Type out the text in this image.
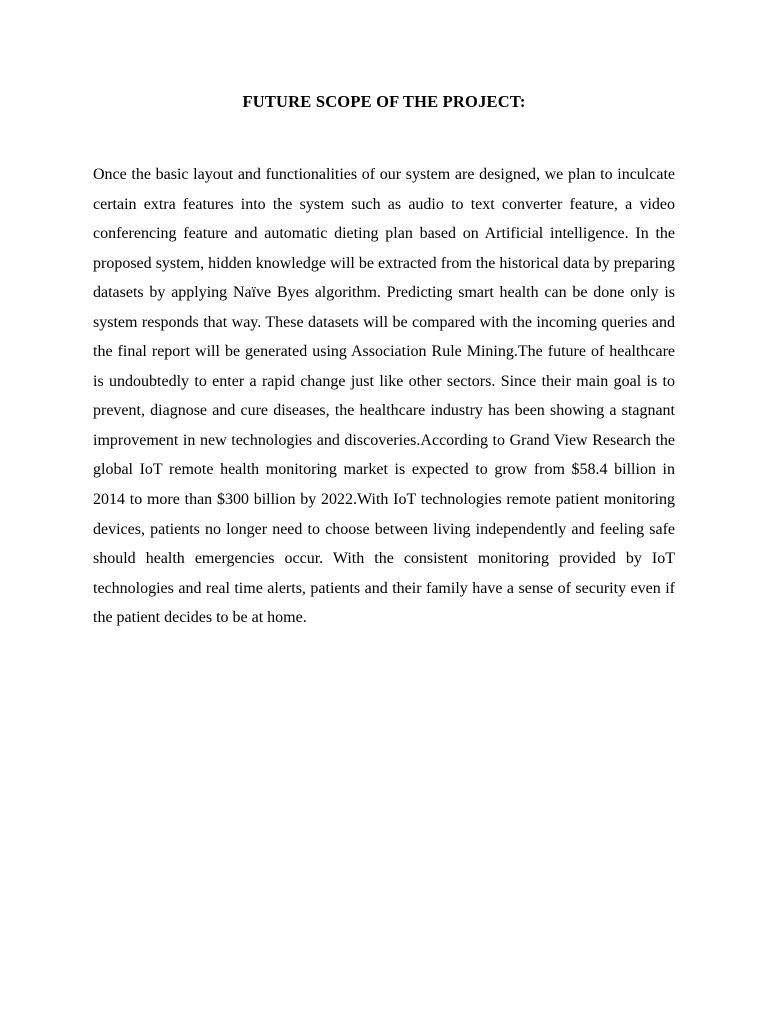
FUTURE SCOPE OF THE PROJECT:

Once the basic layout and functionalities of our system are designed, we plan to inculcate certain extra features into the system such as audio to text converter feature, a video conferencing feature and automatic dieting plan based on Artificial intelligence. In the proposed system, hidden knowledge will be extracted from the historical data by preparing datasets by applying Naïve Byes algorithm. Predicting smart health can be done only is system responds that way. These datasets will be compared with the incoming queries and the final report will be generated using Association Rule Mining.The future of healthcare is undoubtedly to enter a rapid change just like other sectors. Since their main goal is to prevent, diagnose and cure diseases, the healthcare industry has been showing a stagnant improvement in new technologies and discoveries.According to Grand View Research the global IoT remote health monitoring market is expected to grow from $58.4 billion in 2014 to more than $300 billion by 2022.With IoT technologies remote patient monitoring devices, patients no longer need to choose between living independently and feeling safe should health emergencies occur. With the consistent monitoring provided by IoT technologies and real time alerts, patients and their family have a sense of security even if the patient decides to be at home.
